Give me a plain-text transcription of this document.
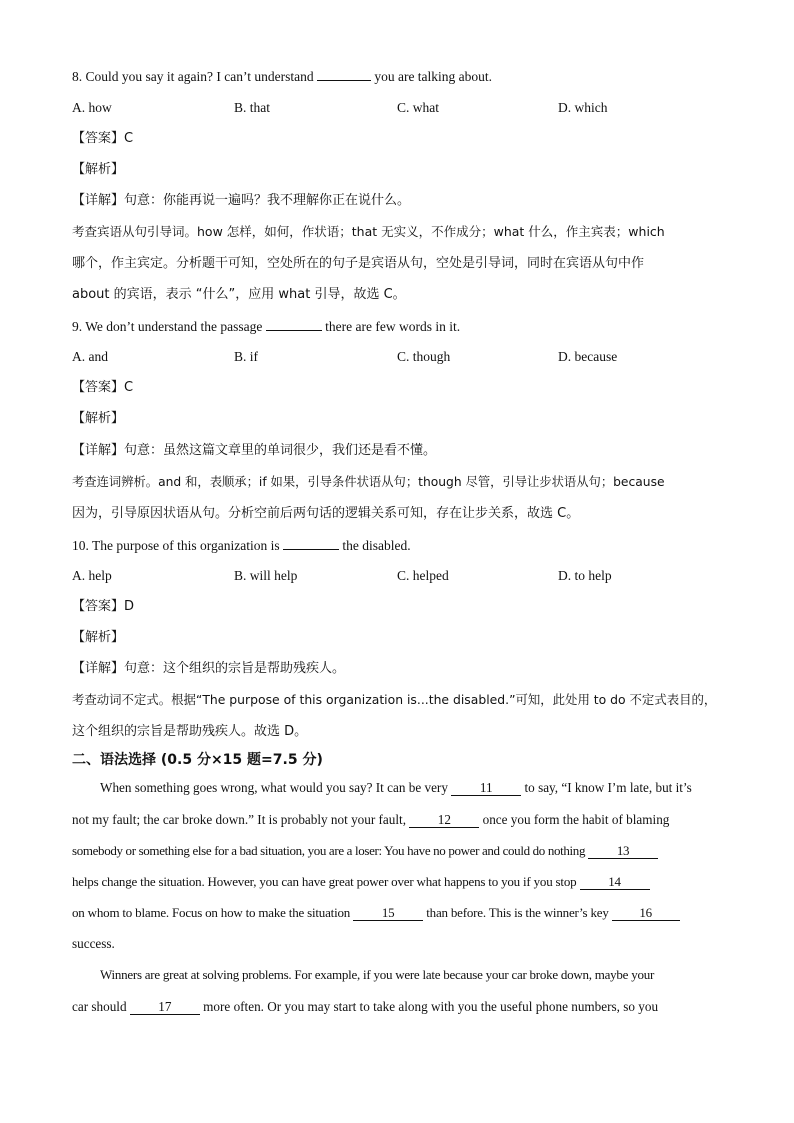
8. Could you say it again? I can’t understand	you are talking about.
A. how	B. that	C. what	D. which
【答案】C
【解析】
【详解】句意：你能再说一遍吗？我不理解你正在说什么。
考查宾语从句引导词。how 怎样，如何，作状语；that 无实义，不作成分；what 什么，作主宾表；which
哪个，作主宾定。分析题干可知，空处所在的句子是宾语从句，空处是引导词，同时在宾语从句中作
about 的宾语，表示 “什么”，应用 what 引导，故选 C。
9. We don’t understand the passage	there are few words in it.
A. and	B. if	C. though	D. because
【答案】C
【解析】
【详解】句意：虽然这篇文章里的单词很少，我们还是看不懂。
考查连词辨析。and 和，表顺承；if 如果，引导条件状语从句；though 尽管，引导让步状语从句；because
因为，引导原因状语从句。分析空前后两句话的逻辑关系可知，存在让步关系，故选 C。
10. The purpose of this organization is	the disabled.
A. help	B. will help	C. helped	D. to help
【答案】D
【解析】
【详解】句意：这个组织的宗旨是帮助残疾人。
考查动词不定式。根据“The purpose of this organization is...the disabled.”可知，此处用 to do 不定式表目的，
这个组织的宗旨是帮助残疾人。故选 D。
二、语法选择 (0.5 分×15 题=7.5 分)
When something goes wrong, what would you say? It can be very 11 to say, “I know I’m late, but it’s
not my fault; the car broke down.” It is probably not your fault, 12 once you form the habit of blaming
somebody or something else for a bad situation, you are a loser: You have no power and could do nothing 13
helps change the situation. However, you can have great power over what happens to you if you stop 14
on whom to blame. Focus on how to make the situation 15 than before. This is the winner’s key 16
success.
Winners are great at solving problems. For example, if you were late because your car broke down, maybe your
car should 17 more often. Or you may start to take along with you the useful phone numbers, so you
